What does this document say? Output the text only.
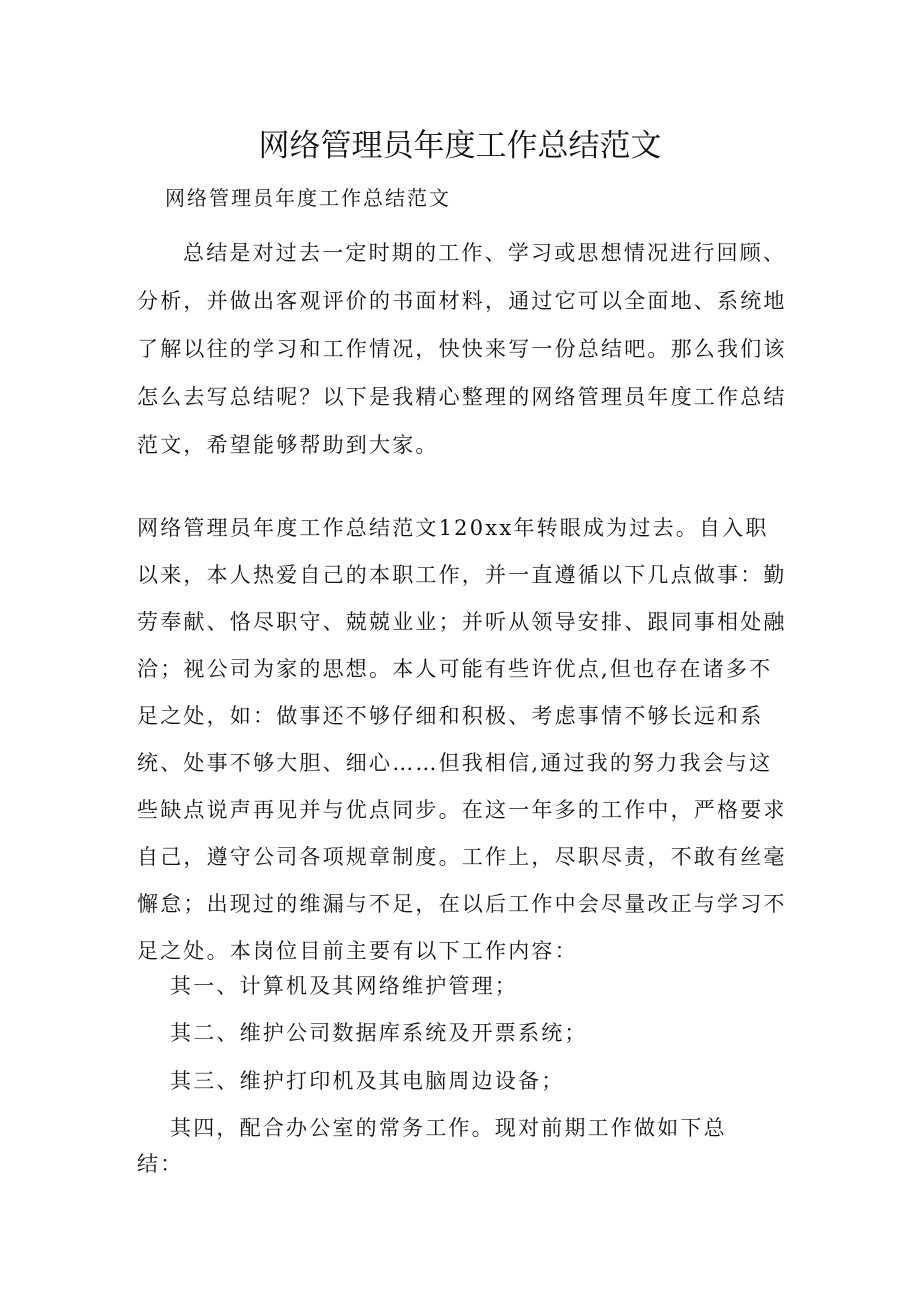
网络管理员年度工作总结范文

网络管理员年度工作总结范文

总结是对过去一定时期的工作、学习或思想情况进行回顾、分析，并做出客观评价的书面材料，通过它可以全面地、系统地了解以往的学习和工作情况，快快来写一份总结吧。那么我们该怎么去写总结呢？以下是我精心整理的网络管理员年度工作总结范文，希望能够帮助到大家。

网络管理员年度工作总结范文120xx年转眼成为过去。自入职以来，本人热爱自己的本职工作，并一直遵循以下几点做事：勤劳奉献、恪尽职守、兢兢业业；并听从领导安排、跟同事相处融洽；视公司为家的思想。本人可能有些许优点,但也存在诸多不足之处，如：做事还不够仔细和积极、考虑事情不够长远和系统、处事不够大胆、细心……但我相信,通过我的努力我会与这些缺点说声再见并与优点同步。在这一年多的工作中，严格要求自己，遵守公司各项规章制度。工作上，尽职尽责，不敢有丝毫懈怠；出现过的维漏与不足，在以后工作中会尽量改正与学习不足之处。本岗位目前主要有以下工作内容：

其一、计算机及其网络维护管理；

其二、维护公司数据库系统及开票系统；

其三、维护打印机及其电脑周边设备；

其四，配合办公室的常务工作。现对前期工作做如下总

结：
